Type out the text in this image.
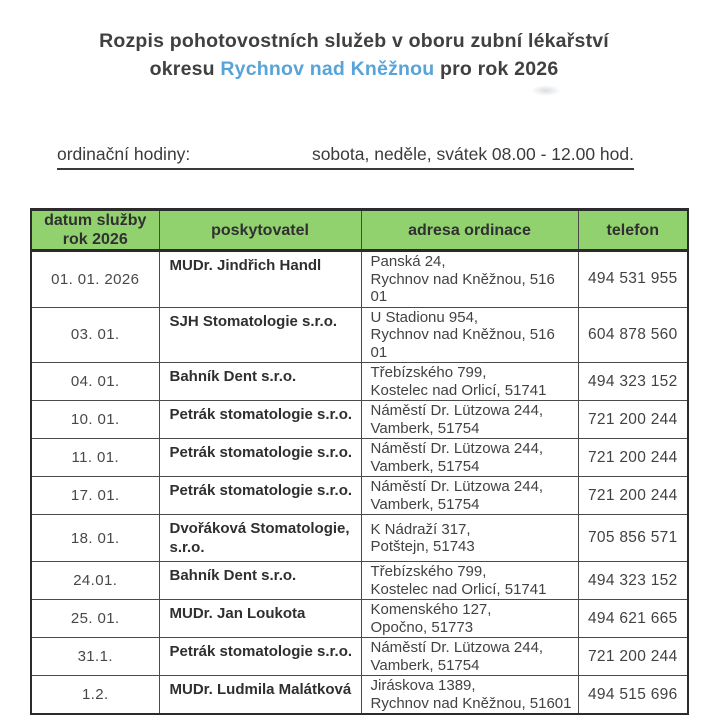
Rozpis pohotovostních služeb v oboru zubní lékařství
okresu Rychnov nad Kněžnou pro rok 2026
ordinační hodiny:	sobota, neděle, svátek 08.00 - 12.00 hod.
datum služby
rok 2026	poskytovatel	adresa ordinace	telefon
01. 01. 2026	MUDr. Jindřich Handl	Panská 24,
Rychnov nad Kněžnou, 516 01	494 531 955
03. 01.	SJH Stomatologie s.r.o.	U Stadionu 954,
Rychnov nad Kněžnou, 516 01	604 878 560
04. 01.	Bahník Dent s.r.o.	Třebízského 799,
Kostelec nad Orlicí, 51741	494 323 152
10. 01.	Petrák stomatologie s.r.o.	Náměstí Dr. Lützowa 244,
Vamberk, 51754	721 200 244
11. 01.	Petrák stomatologie s.r.o.	Náměstí Dr. Lützowa 244,
Vamberk, 51754	721 200 244
17. 01.	Petrák stomatologie s.r.o.	Náměstí Dr. Lützowa 244,
Vamberk, 51754	721 200 244
18. 01.	Dvořáková Stomatologie, s.r.o.	K Nádraží 317,
Potštejn, 51743	705 856 571
24.01.	Bahník Dent s.r.o.	Třebízského 799,
Kostelec nad Orlicí, 51741	494 323 152
25. 01.	MUDr. Jan Loukota	Komenského 127,
Opočno, 51773	494 621 665
31.1.	Petrák stomatologie s.r.o.	Náměstí Dr. Lützowa 244,
Vamberk, 51754	721 200 244
1.2.	MUDr. Ludmila Malátková	Jiráskova 1389,
Rychnov nad Kněžnou, 51601	494 515 696
